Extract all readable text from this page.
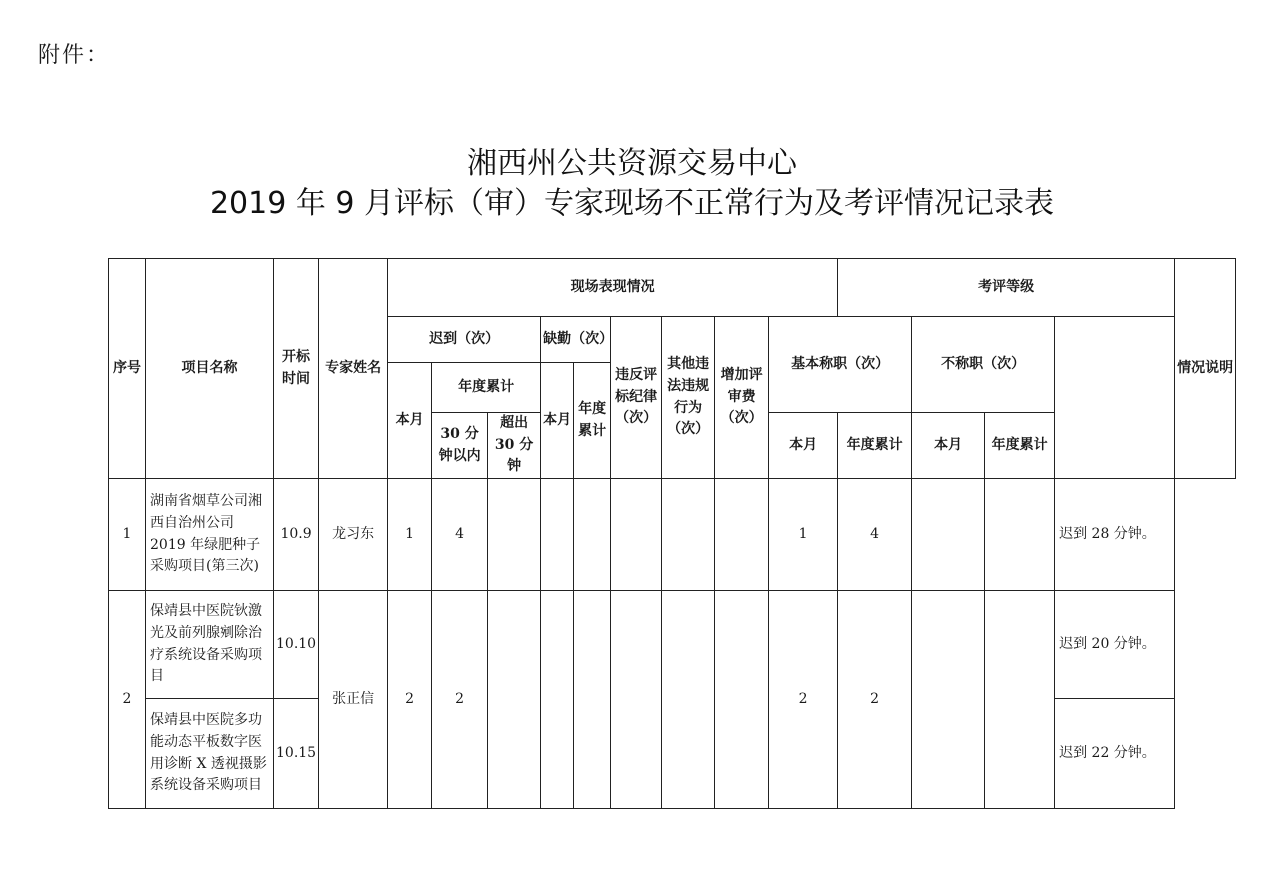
附件：
湘西州公共资源交易中心
2019 年 9 月评标（审）专家现场不正常行为及考评情况记录表
序号	项目名称	开标时间	专家姓名	现场表现情况									考评等级				情况说明
				迟到（次）			缺勤（次）		违反评标纪律（次）	其他违法违规行为（次）	增加评审费（次）	基本称职（次）		不称职（次）			
				本月	年度累计		本月	年度累计									
					30 分钟以内	超出 30 分钟						本月	年度累计	本月	年度累计		
1	湖南省烟草公司湘西自治州公司 2019 年绿肥种子采购项目(第三次)	10.9	龙习东	1	4							1	4			迟到 28 分钟。	
2	保靖县中医院钬激光及前列腺剜除治疗系统设备采购项目	10.10	张正信	2	2							2	2			迟到 20 分钟。	
	保靖县中医院多功能动态平板数字医用诊断 X 透视摄影系统设备采购项目	10.15														迟到 22 分钟。	
